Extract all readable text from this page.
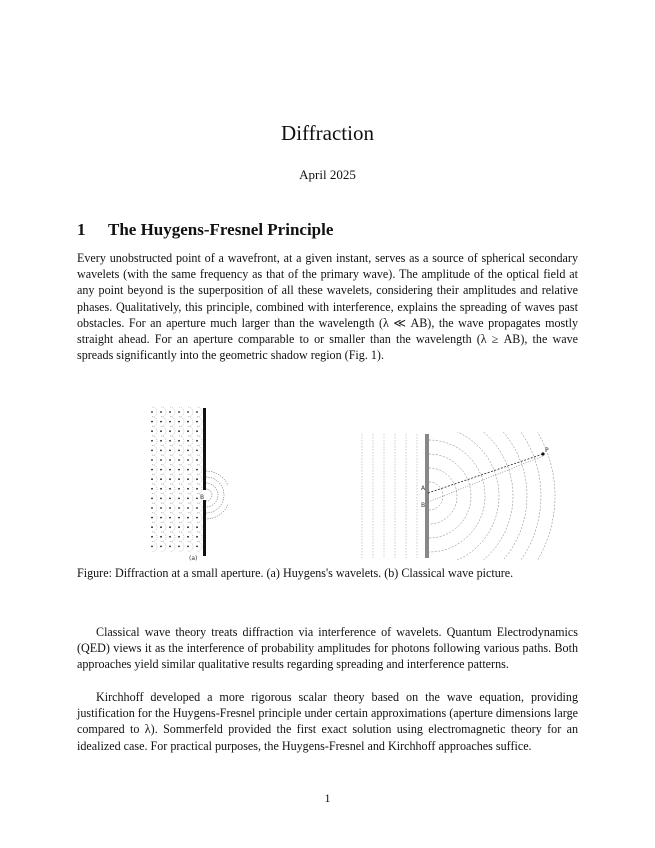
Diffraction
April 2025
1 The Huygens-Fresnel Principle
Every unobstructed point of a wavefront, at a given instant, serves as a source of spherical secondary wavelets (with the same frequency as that of the primary wave). The amplitude of the optical field at any point beyond is the superposition of all these wavelets, considering their amplitudes and relative phases. Qualitatively, this principle, combined with interference, explains the spreading of waves past obstacles. For an aperture much larger than the wavelength (λ ≪ AB), the wave propagates mostly straight ahead. For an aperture comparable to or smaller than the wavelength (λ ≥ AB), the wave spreads significantly into the geometric shadow region (Fig. 1).
B
(a)
A
B
P
Figure: Diffraction at a small aperture. (a) Huygens's wavelets. (b) Classical wave picture.
Classical wave theory treats diffraction via interference of wavelets. Quantum Electrodynamics (QED) views it as the interference of probability amplitudes for photons following various paths. Both approaches yield similar qualitative results regarding spreading and interference patterns.
Kirchhoff developed a more rigorous scalar theory based on the wave equation, providing justification for the Huygens-Fresnel principle under certain approximations (aperture dimensions large compared to λ). Sommerfeld provided the first exact solution using electromagnetic theory for an idealized case. For practical purposes, the Huygens-Fresnel and Kirchhoff approaches suffice.
1
